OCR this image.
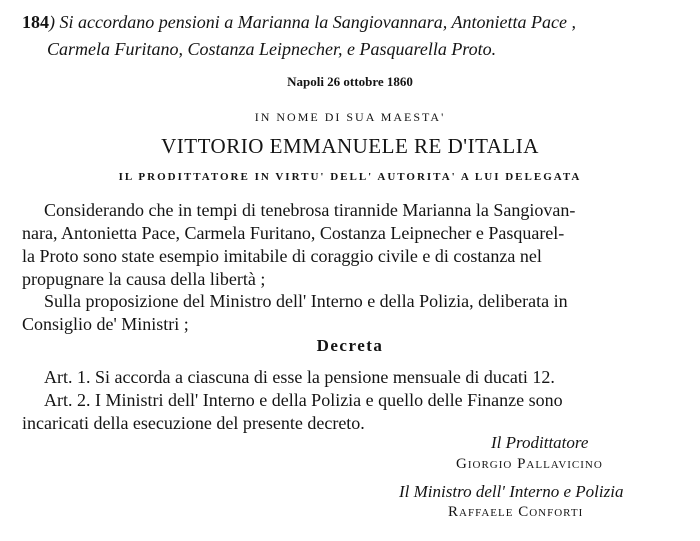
184) Si accordano pensioni a Marianna la Sangiovannara, Antonietta Pace ,
Carmela Furitano, Costanza Leipnecher, e Pasquarella Proto.
Napoli 26 ottobre 1860
IN NOME DI SUA MAESTA'
VITTORIO EMMANUELE RE D'ITALIA
IL PRODITTATORE IN VIRTU' DELL' AUTORITA' A LUI DELEGATA
Considerando che in tempi di tenebrosa tirannide Marianna la Sangiovan-
nara, Antonietta Pace, Carmela Furitano, Costanza Leipnecher e Pasquarel-
la Proto sono state esempio imitabile di coraggio civile e di costanza nel
propugnare la causa della libertà ;
Sulla proposizione del Ministro dell' Interno e della Polizia, deliberata in
Consiglio de' Ministri ;
Decreta
Art. 1. Si accorda a ciascuna di esse la pensione mensuale di ducati 12.
Art. 2. I Ministri dell' Interno e della Polizia e quello delle Finanze sono
incaricati della esecuzione del presente decreto.
Il Prodittatore
Giorgio Pallavicino
Il Ministro dell' Interno e Polizia
Raffaele Conforti
